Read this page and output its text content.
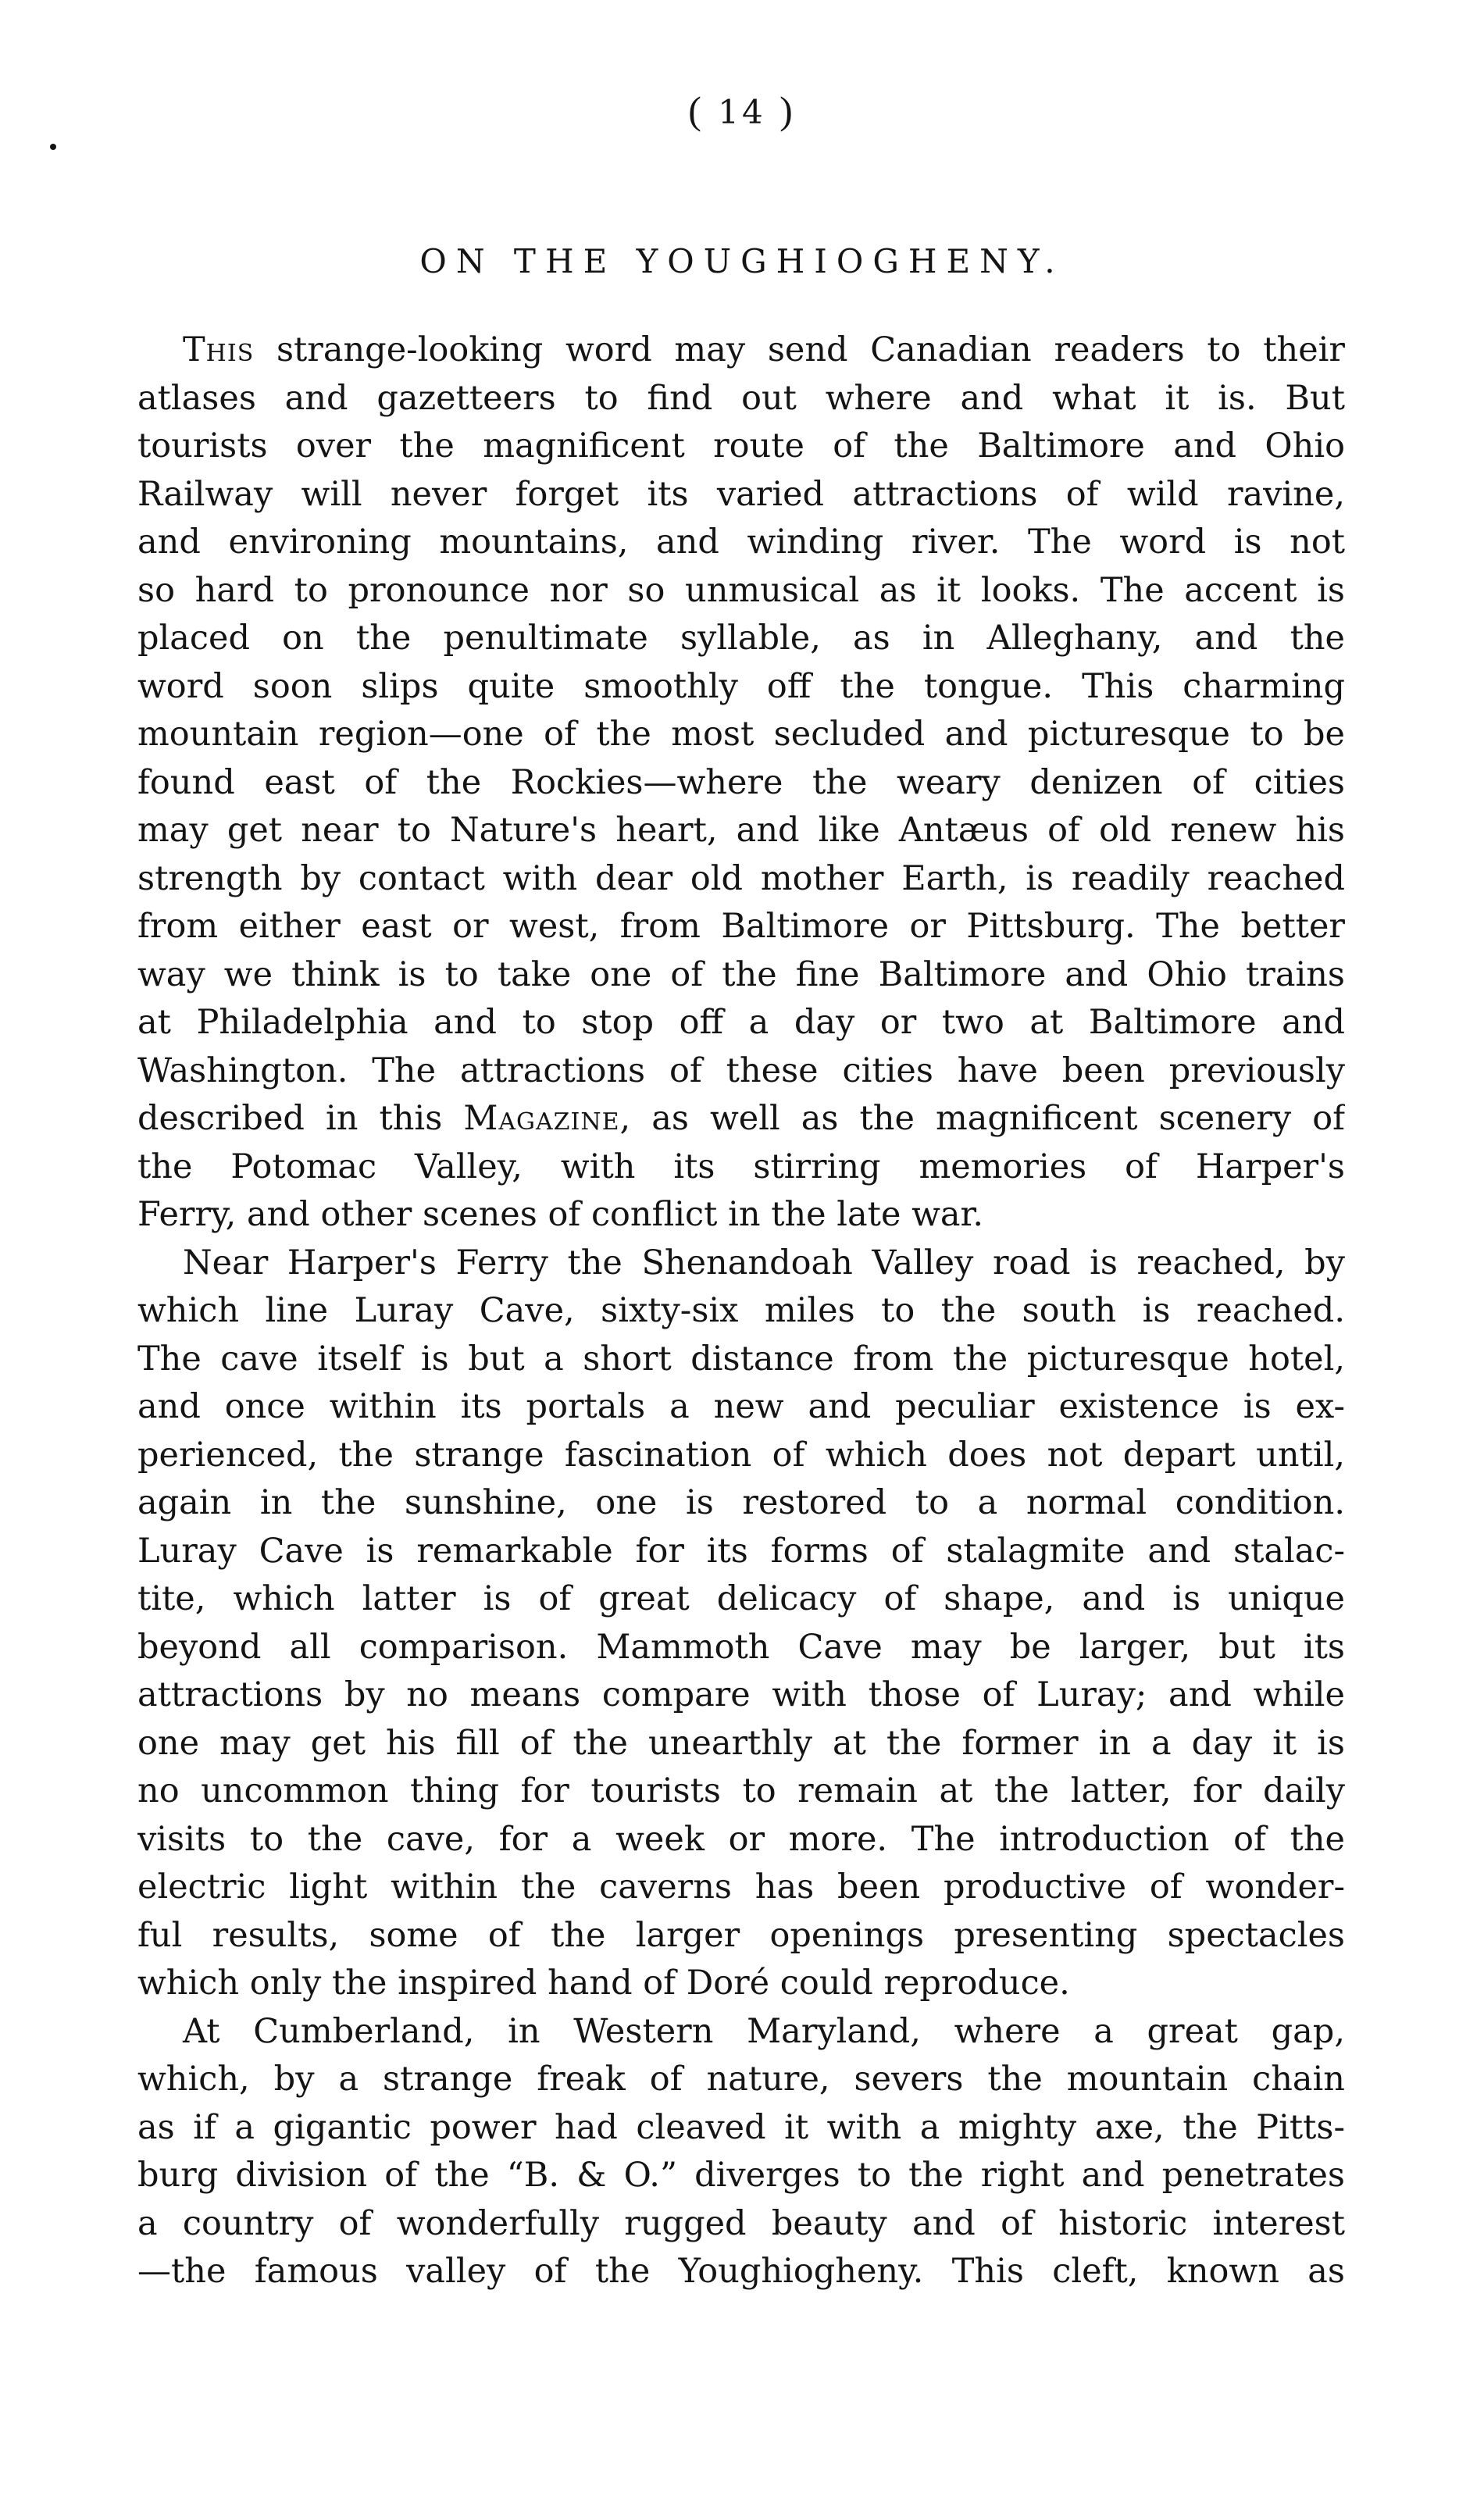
( 14 )
ON THE YOUGHIOGHENY.
This strange-looking word may send Canadian readers to their
atlases and gazetteers to find out where and what it is. But
tourists over the magnificent route of the Baltimore and Ohio
Railway will never forget its varied attractions of wild ravine,
and environing mountains, and winding river. The word is not
so hard to pronounce nor so unmusical as it looks. The accent is
placed on the penultimate syllable, as in Alleghany, and the
word soon slips quite smoothly off the tongue. This charming
mountain region—one of the most secluded and picturesque to be
found east of the Rockies—where the weary denizen of cities
may get near to Nature's heart, and like Antæus of old renew his
strength by contact with dear old mother Earth, is readily reached
from either east or west, from Baltimore or Pittsburg. The better
way we think is to take one of the fine Baltimore and Ohio trains
at Philadelphia and to stop off a day or two at Baltimore and
Washington. The attractions of these cities have been previously
described in this Magazine, as well as the magnificent scenery of
the Potomac Valley, with its stirring memories of Harper's
Ferry, and other scenes of conflict in the late war.
Near Harper's Ferry the Shenandoah Valley road is reached, by
which line Luray Cave, sixty-six miles to the south is reached.
The cave itself is but a short distance from the picturesque hotel,
and once within its portals a new and peculiar existence is ex-
perienced, the strange fascination of which does not depart until,
again in the sunshine, one is restored to a normal condition.
Luray Cave is remarkable for its forms of stalagmite and stalac-
tite, which latter is of great delicacy of shape, and is unique
beyond all comparison. Mammoth Cave may be larger, but its
attractions by no means compare with those of Luray; and while
one may get his fill of the unearthly at the former in a day it is
no uncommon thing for tourists to remain at the latter, for daily
visits to the cave, for a week or more. The introduction of the
electric light within the caverns has been productive of wonder-
ful results, some of the larger openings presenting spectacles
which only the inspired hand of Doré could reproduce.
At Cumberland, in Western Maryland, where a great gap,
which, by a strange freak of nature, severs the mountain chain
as if a gigantic power had cleaved it with a mighty axe, the Pitts-
burg division of the “B. & O.” diverges to the right and penetrates
a country of wonderfully rugged beauty and of historic interest
—the famous valley of the Youghiogheny. This cleft, known as
